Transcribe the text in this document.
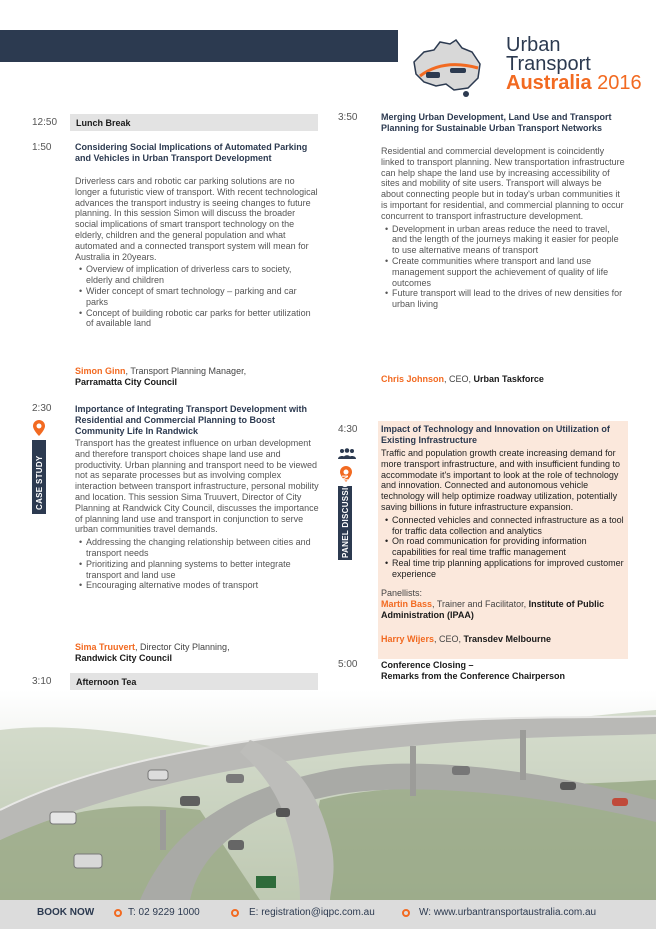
Urban
Transport
Australia 2016
12:50 Lunch Break
1:50	Considering Social Implications of Automated Parking and Vehicles in Urban Transport Development
Driverless cars and robotic car parking solutions are no longer a futuristic view of transport. With recent technological advances the transport industry is seeing changes to future planning. In this session Simon will discuss the broader social implications of smart transport technology on the elderly, children and the general population and what automated and a connected transport system will mean for Australia in 20years.
• Overview of implication of driverless cars to society, elderly and children
• Wider concept of smart technology – parking and car parks
• Concept of building robotic car parks for better utilization of available land
Simon Ginn, Transport Planning Manager,
Parramatta City Council
2:30
CASE STUDY
Importance of Integrating Transport Development with Residential and Commercial Planning to Boost Community Life In Randwick
Transport has the greatest influence on urban development and therefore transport choices shape land use and productivity. Urban planning and transport need to be viewed not as separate processes but as involving complex interaction between transport infrastructure, personal mobility and location. This session Sima Truuvert, Director of City Planning at Randwick City Council, discusses the importance of planning land use and transport in conjunction to serve urban communities travel demands.
• Addressing the changing relationship between cities and transport needs
• Prioritizing and planning systems to better integrate transport and land use
• Encouraging alternative modes of transport
Sima Truuvert, Director City Planning,
Randwick City Council
3:10	Afternoon Tea
3:50	Merging Urban Development, Land Use and Transport Planning for Sustainable Urban Transport Networks
Residential and commercial development is coincidently linked to transport planning. New transportation infrastructure can help shape the land use by increasing accessibility of sites and mobility of site users. Transport will always be about connecting people but in today's urban communities it is important for residential, and commercial planning to occur concurrent to transport infrastructure development.
• Development in urban areas reduce the need to travel, and the length of the journeys making it easier for people to use alternative means of transport
• Create communities where transport and land use management support the achievement of quality of life outcomes
• Future transport will lead to the drives of new densities for urban living
Chris Johnson, CEO, Urban Taskforce
4:30
PANEL DISCUSSION
Impact of Technology and Innovation on Utilization of Existing Infrastructure
Traffic and population growth create increasing demand for more transport infrastructure, and with insufficient funding to accommodate it's important to look at the role of technology and innovation. Connected and autonomous vehicle technology will help optimize roadway utilization, potentially saving billions in future infrastructure expansion.
• Connected vehicles and connected infrastructure as a tool for traffic data collection and analytics
• On road communication for providing information capabilities for real time traffic management
• Real time trip planning applications for improved customer experience
Panellists:
Martin Bass, Trainer and Facilitator, Institute of Public Administration (IPAA)
Harry Wijers, CEO, Transdev Melbourne
5:00	Conference Closing –
Remarks from the Conference Chairperson
BOOK NOW	T: 02 9229 1000	E: registration@iqpc.com.au	W: www.urbantransportaustralia.com.au
